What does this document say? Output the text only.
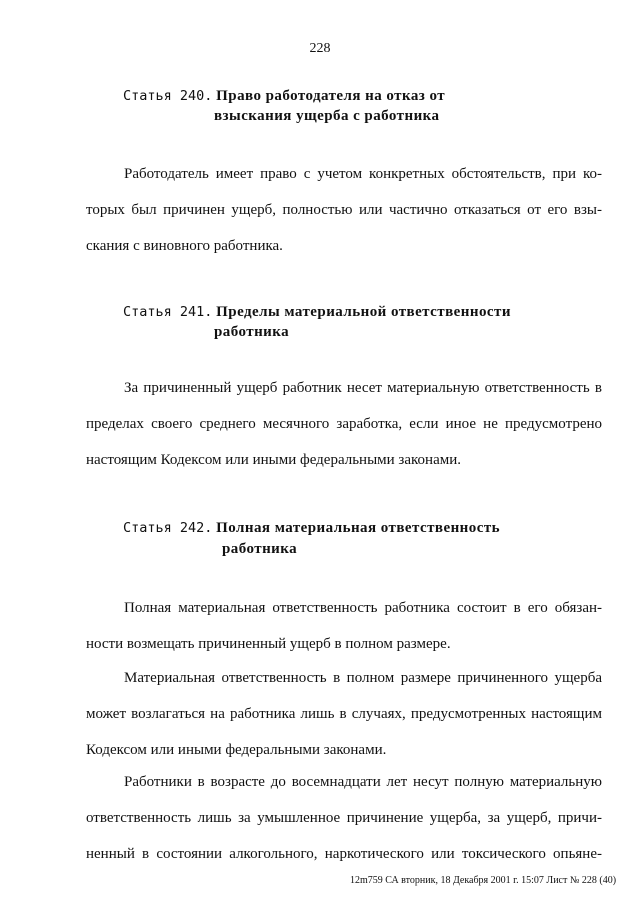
228
Статья 240. Право работодателя на отказ от
взыскания ущерба с работника

Работодатель имеет право с учетом конкретных обстоятельств, при ко-торых был причинен ущерб, полностью или частично отказаться от его взы-скания с виновного работника.

Статья 241. Пределы материальной ответственности
работника

За причиненный ущерб работник несет материальную ответственность в пределах своего среднего месячного заработка, если иное не предусмотрено настоящим Кодексом или иными федеральными законами.

Статья 242. Полная материальная ответственность
работника

Полная материальная ответственность работника состоит в его обязан-ности возмещать причиненный ущерб в полном размере.

Материальная ответственность в полном размере причиненного ущерба может возлагаться на работника лишь в случаях, предусмотренных настоящим Кодексом или иными федеральными законами.

Работники в возрасте до восемнадцати лет несут полную материальную ответственность лишь за умышленное причинение ущерба, за ущерб, причи-ненный в состоянии алкогольного, наркотического или токсического опьяне-

12m759 СА вторник, 18 Декабря 2001 г. 15:07 Лист № 228 (40)
